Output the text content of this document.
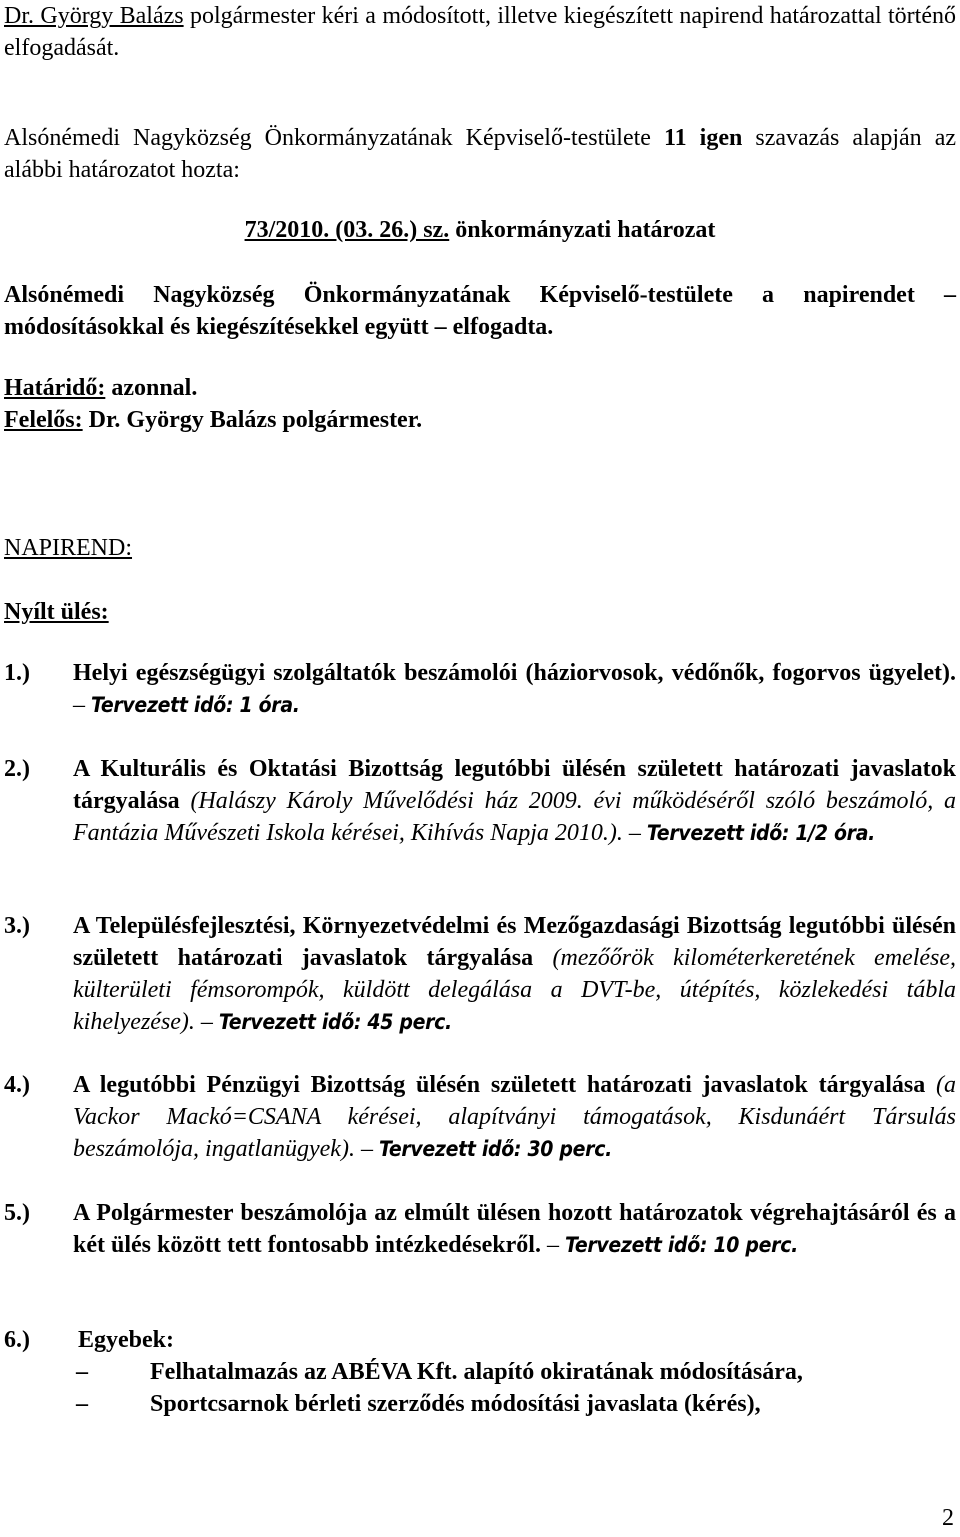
Dr. György Balázs polgármester kéri a módosított, illetve kiegészített napirend határozattal történő elfogadását.

Alsónémedi Nagyközség Önkormányzatának Képviselő-testülete 11 igen szavazás alapján az alábbi határozatot hozta:

73/2010. (03. 26.) sz. önkormányzati határozat

Alsónémedi Nagyközség Önkormányzatának Képviselő-testülete a napirendet – módosításokkal és kiegészítésekkel együtt – elfogadta.

Határidő: azonnal.

Felelős: Dr. György Balázs polgármester.

NAPIREND:

Nyílt ülés:

1.) Helyi egészségügyi szolgáltatók beszámolói (háziorvosok, védőnők, fogorvos ügyelet). – Tervezett idő: 1 óra.
2.) A Kulturális és Oktatási Bizottság legutóbbi ülésén született határozati javaslatok tárgyalása (Halászy Károly Művelődési ház 2009. évi működéséről szóló beszámoló, a Fantázia Művészeti Iskola kérései, Kihívás Napja 2010.). – Tervezett idő: 1/2 óra.
3.) A Településfejlesztési, Környezetvédelmi és Mezőgazdasági Bizottság legutóbbi ülésén született határozati javaslatok tárgyalása (mezőőrök kilométerkeretének emelése, külterületi fémsorompók, küldött delegálása a DVT-be, útépítés, közlekedési tábla kihelyezése). – Tervezett idő: 45 perc.
4.) A legutóbbi Pénzügyi Bizottság ülésén született határozati javaslatok tárgyalása (a Vackor Mackó=CSANA kérései, alapítványi támogatások, Kisdunáért Társulás beszámolója, ingatlanügyek). – Tervezett idő: 30 perc.
5.) A Polgármester beszámolója az elmúlt ülésen hozott határozatok végrehajtásáról és a két ülés között tett fontosabb intézkedésekről. – Tervezett idő: 10 perc.
6.) Egyebek:
–	Felhatalmazás az ABÉVA Kft. alapító okiratának módosítására,
–	Sportcsarnok bérleti szerződés módosítási javaslata (kérés),
2
